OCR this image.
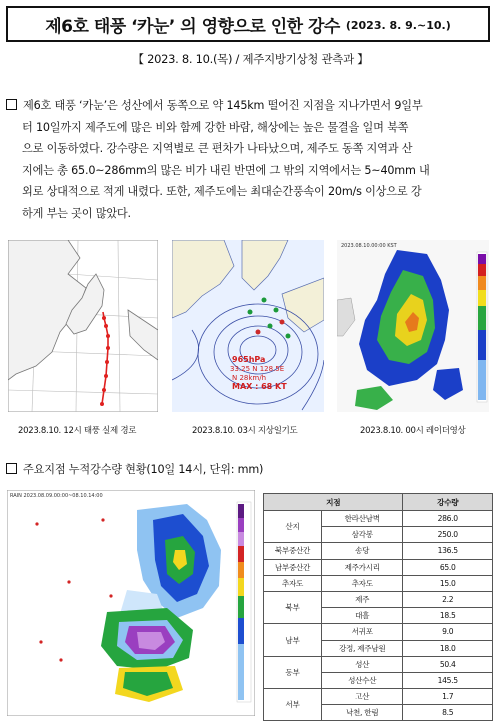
제6호 태풍 ‘카눈’ 의 영향으로 인한 강수 (2023. 8. 9.~10.)
【 2023. 8. 10.(목) / 제주지방기상청 관측과 】
제6호 태풍 ‘카눈’은 성산에서 동쪽으로 약 145km 떨어진 지점을 지나가면서 9일부
터 10일까지 제주도에 많은 비와 함께 강한 바람, 해상에는 높은 물결을 일며 북쪽
으로 이동하였다. 강수량은 지역별로 큰 편차가 나타났으며, 제주도 동쪽 지역과 산
지에는 총 65.0~286mm의 많은 비가 내린 반면에 그 밖의 지역에서는 5~40mm 내
외로 상대적으로 적게 내렸다. 또한, 제주도에는 최대순간풍속이 20m/s 이상으로 강
하게 부는 곳이 많았다.
965hPa
33.25 N 128.5E
N 28km/h
MAX : 68 KT
2023.08.10.00:00 KST
2023.8.10. 12시 태풍 실제 경로	2023.8.10. 03시 지상일기도	2023.8.10. 00시 레이더영상
주요지점 누적강수량 현황(10일 14시, 단위: mm)
RAIN 2023.08.09.00:00~08.10.14:00
지점		강수량
산지	한라산남벽	286.0
	삼각봉	250.0
북부중산간	송당	136.5
남부중산간	제주가시리	65.0
추자도	추자도	15.0
북부	제주	2.2
	대흘	18.5
남부	서귀포	9.0
	강정, 제주남원	18.0
동부	성산	50.4
	성산수산	145.5
서부	고산	1.7
	낙천, 한림	8.5
